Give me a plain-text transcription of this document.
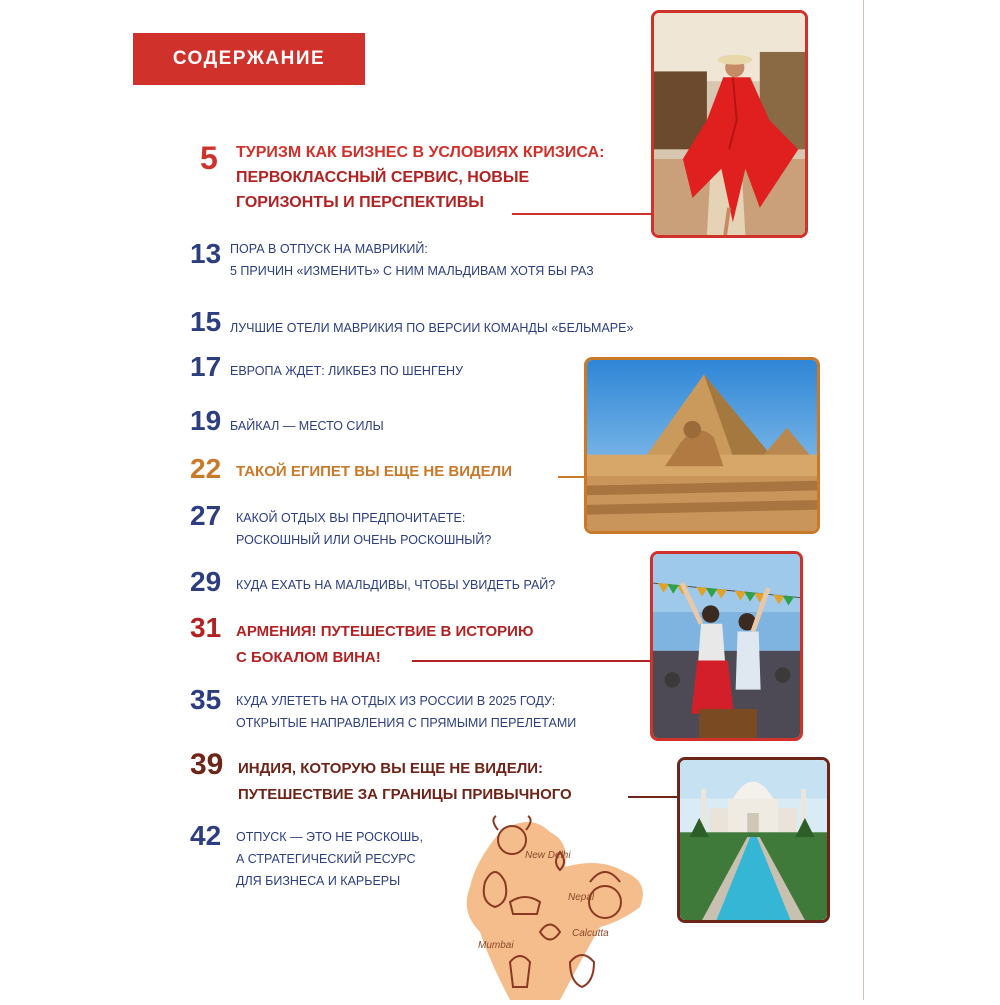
СОДЕРЖАНИЕ
5 ТУРИЗМ КАК БИЗНЕС В УСЛОВИЯХ КРИЗИСА:
ПЕРВОКЛАССНЫЙ СЕРВИС, НОВЫЕ
ГОРИЗОНТЫ И ПЕРСПЕКТИВЫ
13 ПОРА В ОТПУСК НА МАВРИКИЙ:
5 ПРИЧИН «ИЗМЕНИТЬ» С НИМ МАЛЬДИВАМ ХОТЯ БЫ РАЗ
15 ЛУЧШИЕ ОТЕЛИ МАВРИКИЯ ПО ВЕРСИИ КОМАНДЫ «БЕЛЬМАРЕ»
17 ЕВРОПА ЖДЕТ: ЛИКБЕЗ ПО ШЕНГЕНУ
19 БАЙКАЛ — МЕСТО СИЛЫ
22 ТАКОЙ ЕГИПЕТ ВЫ ЕЩЕ НЕ ВИДЕЛИ
27 КАКОЙ ОТДЫХ ВЫ ПРЕДПОЧИТАЕТЕ:
РОСКОШНЫЙ ИЛИ ОЧЕНЬ РОСКОШНЫЙ?
29 КУДА ЕХАТЬ НА МАЛЬДИВЫ, ЧТОБЫ УВИДЕТЬ РАЙ?
31 АРМЕНИЯ! ПУТЕШЕСТВИЕ В ИСТОРИЮ
С БОКАЛОМ ВИНА!
35 КУДА УЛЕТЕТЬ НА ОТДЫХ ИЗ РОССИИ В 2025 ГОДУ:
ОТКРЫТЫЕ НАПРАВЛЕНИЯ С ПРЯМЫМИ ПЕРЕЛЕТАМИ
39 ИНДИЯ, КОТОРУЮ ВЫ ЕЩЕ НЕ ВИДЕЛИ:
ПУТЕШЕСТВИЕ ЗА ГРАНИЦЫ ПРИВЫЧНОГО
42 ОТПУСК — ЭТО НЕ РОСКОШЬ,
А СТРАТЕГИЧЕСКИЙ РЕСУРС
ДЛЯ БИЗНЕСА И КАРЬЕРЫ
New Delhi
Nepal
Mumbai
Calcutta
